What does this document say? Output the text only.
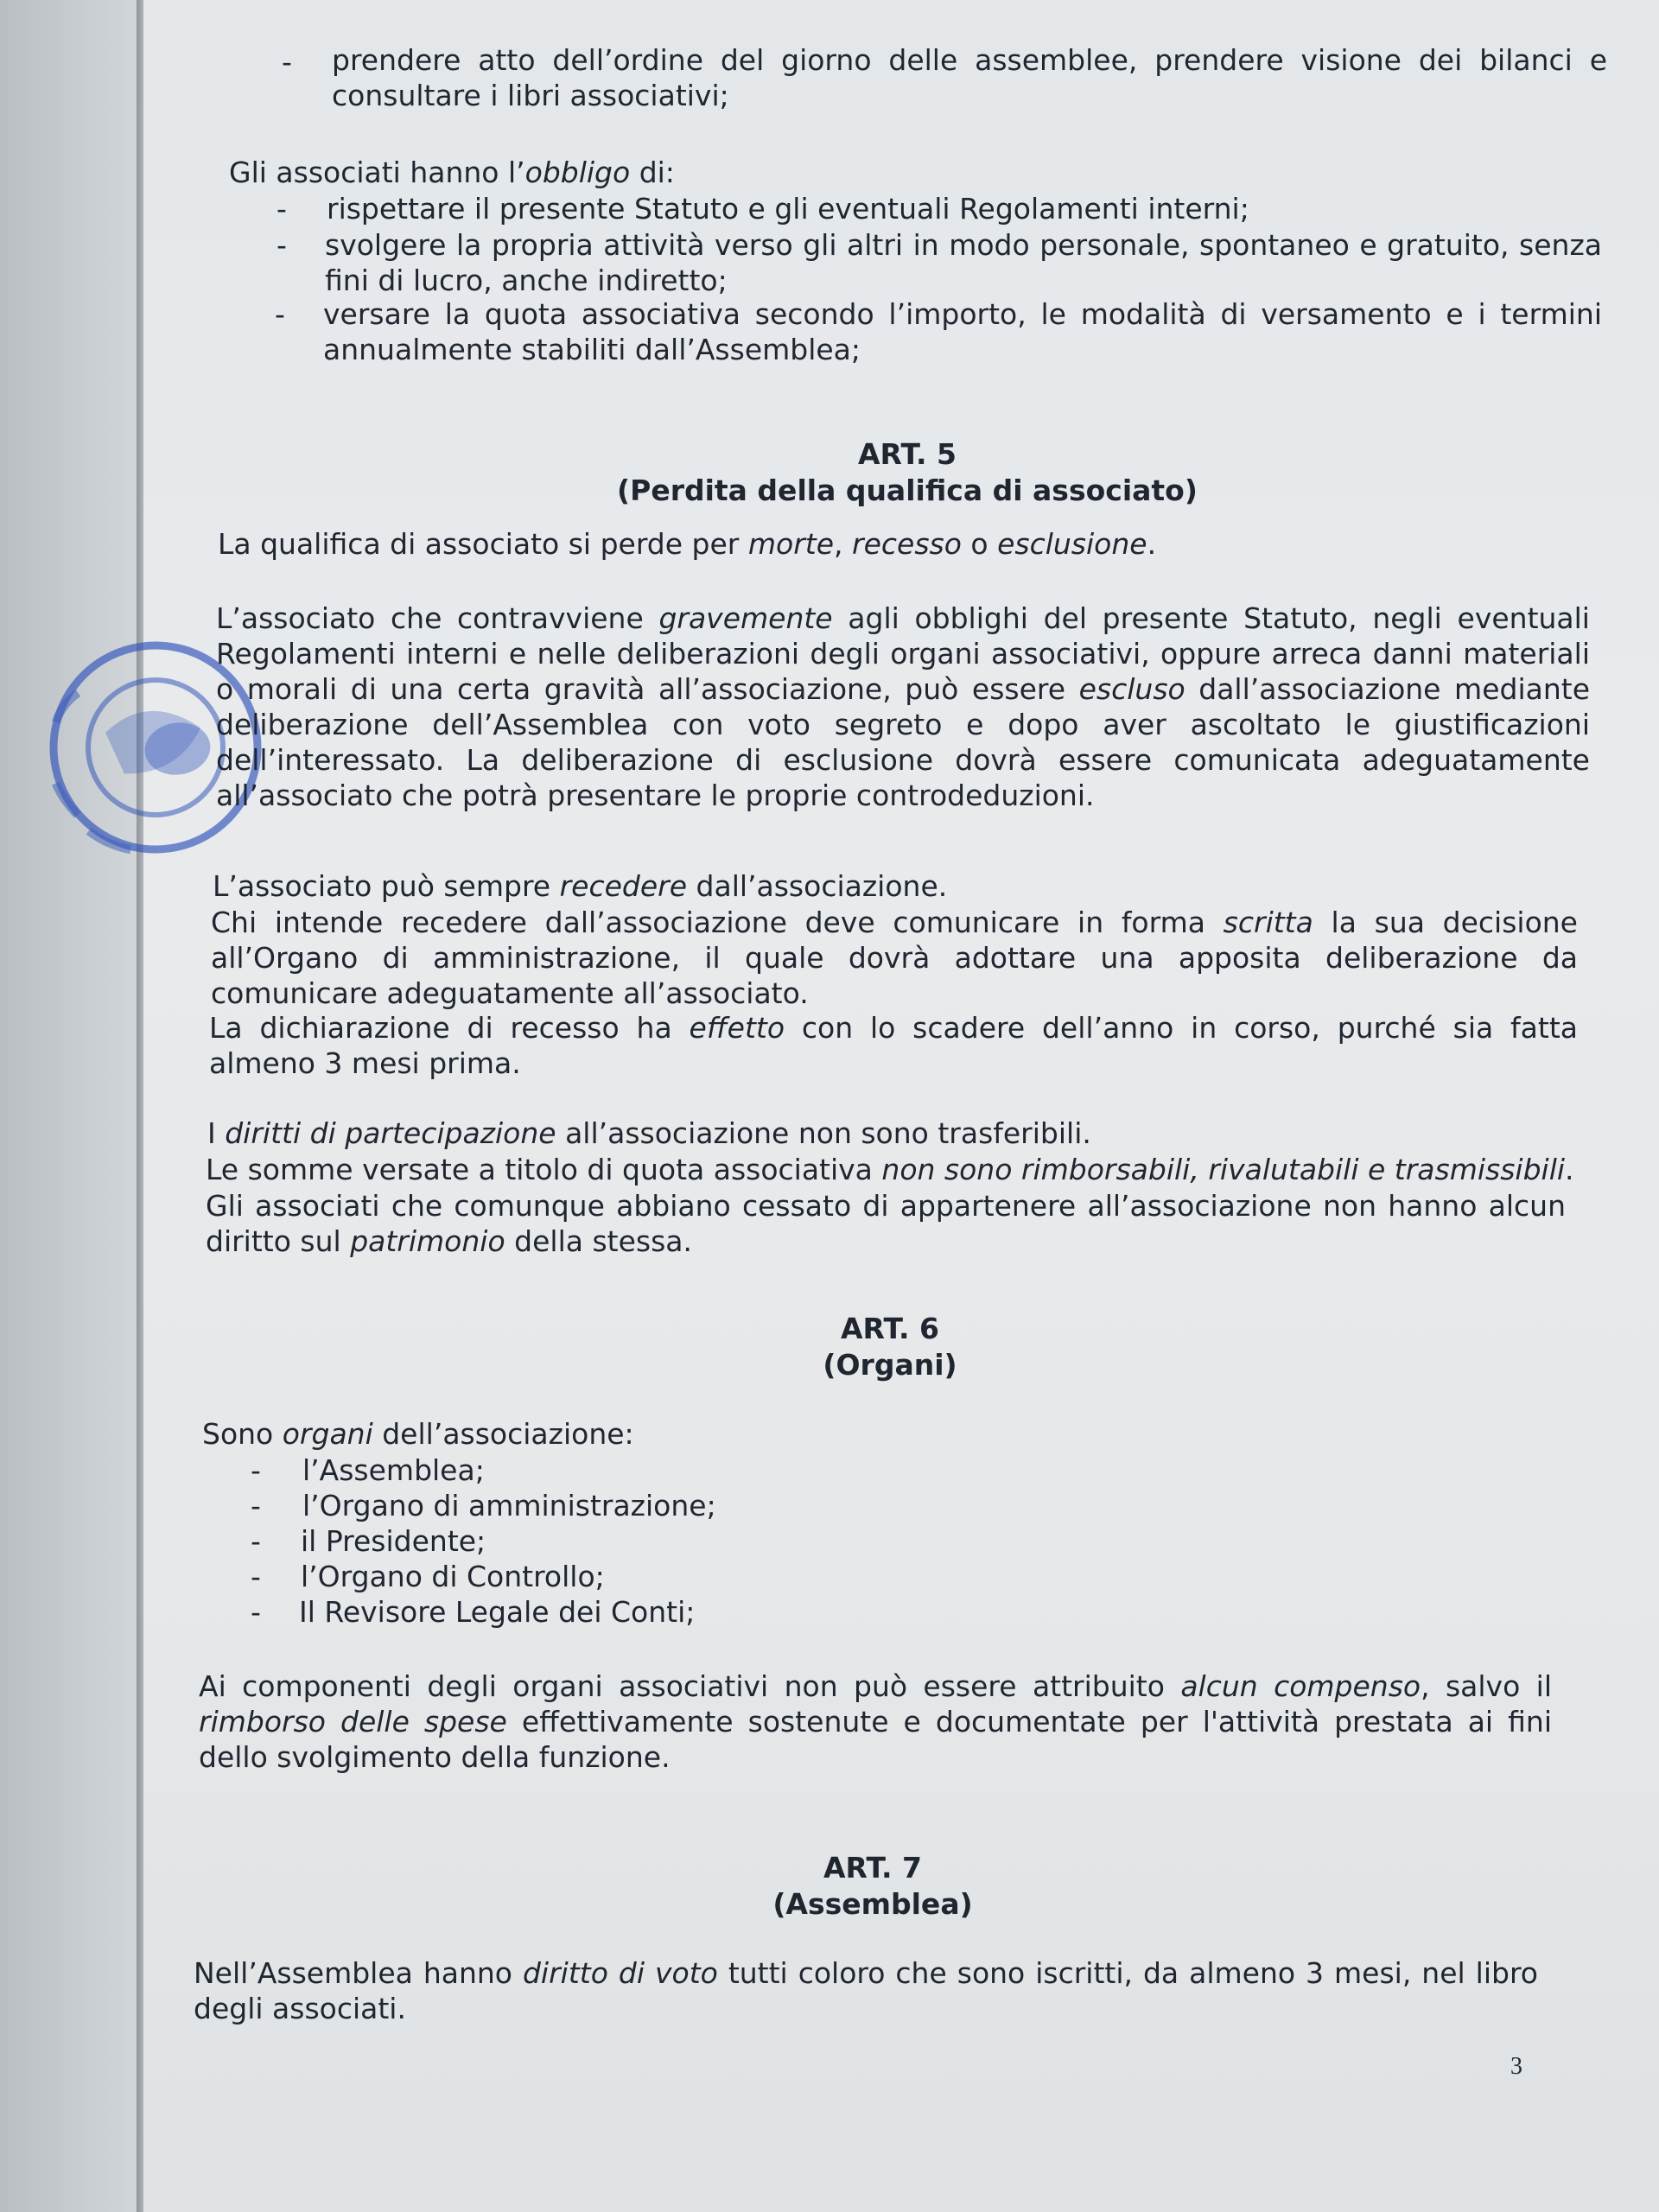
- prendere atto dell’ordine del giorno delle assemblee, prendere visione dei bilanci e consultare i libri associativi;

Gli associati hanno l’obbligo di:

- rispettare il presente Statuto e gli eventuali Regolamenti interni;

- svolgere la propria attività verso gli altri in modo personale, spontaneo e gratuito, senza fini di lucro, anche indiretto;

- versare la quota associativa secondo l’importo, le modalità di versamento e i termini annualmente stabiliti dall’Assemblea;

ART. 5

(Perdita della qualifica di associato)

La qualifica di associato si perde per morte, recesso o esclusione.

L’associato che contravviene gravemente agli obblighi del presente Statuto, negli eventuali Regolamenti interni e nelle deliberazioni degli organi associativi, oppure arreca danni materiali o morali di una certa gravità all’associazione, può essere escluso dall’associazione mediante deliberazione dell’Assemblea con voto segreto e dopo aver ascoltato le giustificazioni dell’interessato. La deliberazione di esclusione dovrà essere comunicata adeguatamente all’associato che potrà presentare le proprie controdeduzioni.

L’associato può sempre recedere dall’associazione.

Chi intende recedere dall’associazione deve comunicare in forma scritta la sua decisione all’Organo di amministrazione, il quale dovrà adottare una apposita deliberazione da comunicare adeguatamente all’associato.

La dichiarazione di recesso ha effetto con lo scadere dell’anno in corso, purché sia fatta almeno 3 mesi prima.

I diritti di partecipazione all’associazione non sono trasferibili.

Le somme versate a titolo di quota associativa non sono rimborsabili, rivalutabili e trasmissibili.

Gli associati che comunque abbiano cessato di appartenere all’associazione non hanno alcun diritto sul patrimonio della stessa.

ART. 6

(Organi)

Sono organi dell’associazione:

- l’Assemblea;

- l’Organo di amministrazione;

- il Presidente;

- l’Organo di Controllo;

- Il Revisore Legale dei Conti;

Ai componenti degli organi associativi non può essere attribuito alcun compenso, salvo il rimborso delle spese effettivamente sostenute e documentate per l'attività prestata ai fini dello svolgimento della funzione.

ART. 7

(Assemblea)

Nell’Assemblea hanno diritto di voto tutti coloro che sono iscritti, da almeno 3 mesi, nel libro degli associati.

3
